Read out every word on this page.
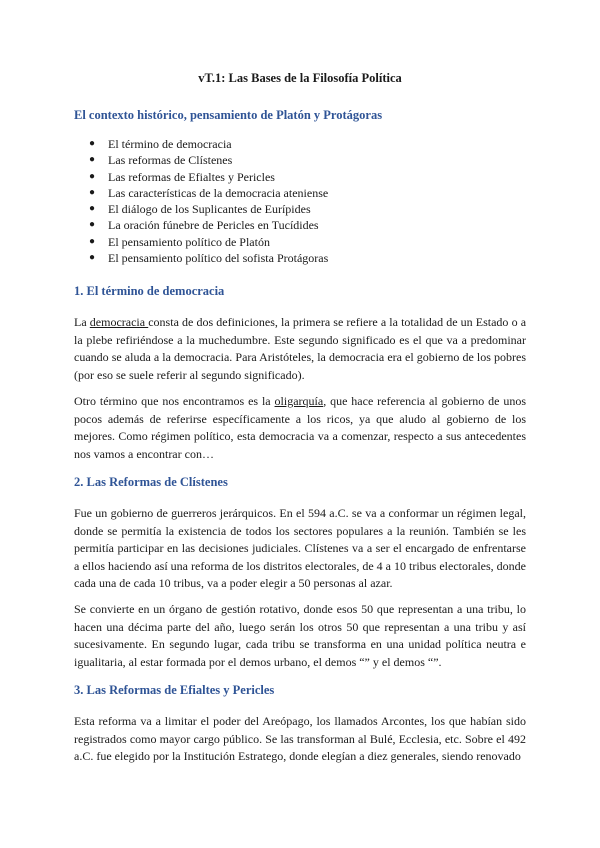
vT.1: Las Bases de la Filosofía Política
El contexto histórico, pensamiento de Platón y Protágoras
● El término de democracia
● Las reformas de Clístenes
● Las reformas de Efialtes y Pericles
● Las características de la democracia ateniense
● El diálogo de los Suplicantes de Eurípides
● La oración fúnebre de Pericles en Tucídides
● El pensamiento político de Platón
● El pensamiento político del sofista Protágoras
1. El término de democracia

La democracia consta de dos definiciones, la primera se refiere a la totalidad de un Estado o a la plebe refiriéndose a la muchedumbre. Este segundo significado es el que va a predominar cuando se aluda a la democracia. Para Aristóteles, la democracia era el gobierno de los pobres (por eso se suele referir al segundo significado).

Otro término que nos encontramos es la oligarquía, que hace referencia al gobierno de unos pocos además de referirse específicamente a los ricos, ya que aludo al gobierno de los mejores. Como régimen político, esta democracia va a comenzar, respecto a sus antecedentes nos vamos a encontrar con…

2. Las Reformas de Clístenes

Fue un gobierno de guerreros jerárquicos. En el 594 a.C. se va a conformar un régimen legal, donde se permitía la existencia de todos los sectores populares a la reunión. También se les permitía participar en las decisiones judiciales. Clístenes va a ser el encargado de enfrentarse a ellos haciendo así una reforma de los distritos electorales, de 4 a 10 tribus electorales, donde cada una de cada 10 tribus, va a poder elegir a 50 personas al azar.

Se convierte en un órgano de gestión rotativo, donde esos 50 que representan a una tribu, lo hacen una décima parte del año, luego serán los otros 50 que representan a una tribu y así sucesivamente. En segundo lugar, cada tribu se transforma en una unidad política neutra e igualitaria, al estar formada por el demos urbano, el demos “” y el demos “”.

3. Las Reformas de Efialtes y Pericles

Esta reforma va a limitar el poder del Areópago, los llamados Arcontes, los que habían sido registrados como mayor cargo público. Se las transforman al Bulé, Ecclesia, etc. Sobre el 492 a.C. fue elegido por la Institución Estratego, donde elegían a diez generales, siendo renovado
